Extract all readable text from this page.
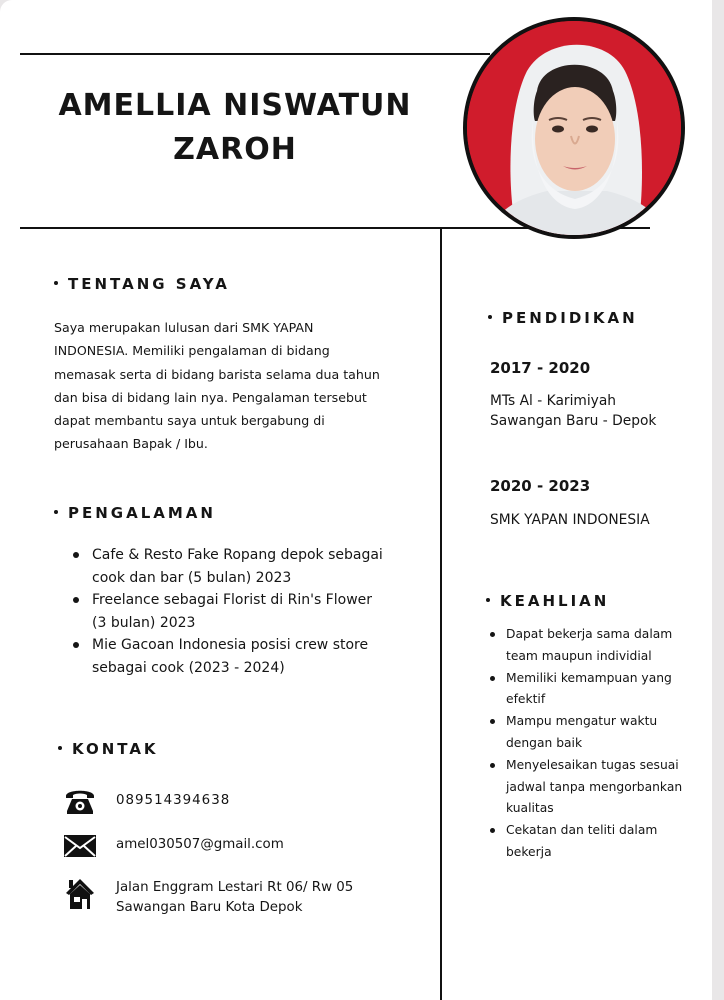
AMELLIA NISWATUN
ZAROH
TENTANG SAYA
Saya merupakan lulusan dari SMK YAPAN
INDONESIA. Memiliki pengalaman di bidang
memasak serta di bidang barista selama dua tahun
dan bisa di bidang lain nya. Pengalaman tersebut
dapat membantu saya untuk bergabung di
perusahaan Bapak / Ibu.
PENGALAMAN
Cafe & Resto Fake Ropang depok sebagai
cook dan bar (5 bulan) 2023
Freelance sebagai Florist di Rin's Flower
(3 bulan) 2023
Mie Gacoan Indonesia posisi crew store
sebagai cook (2023 - 2024)
KONTAK
089514394638
amel030507@gmail.com
Jalan Enggram Lestari Rt 06/ Rw 05
Sawangan Baru Kota Depok
PENDIDIKAN
2017 - 2020
MTs Al - Karimiyah
Sawangan Baru - Depok
2020 - 2023
SMK YAPAN INDONESIA
KEAHLIAN
Dapat bekerja sama dalam
team maupun individial
Memiliki kemampuan yang
efektif
Mampu mengatur waktu
dengan baik
Menyelesaikan tugas sesuai
jadwal tanpa mengorbankan
kualitas
Cekatan dan teliti dalam
bekerja
